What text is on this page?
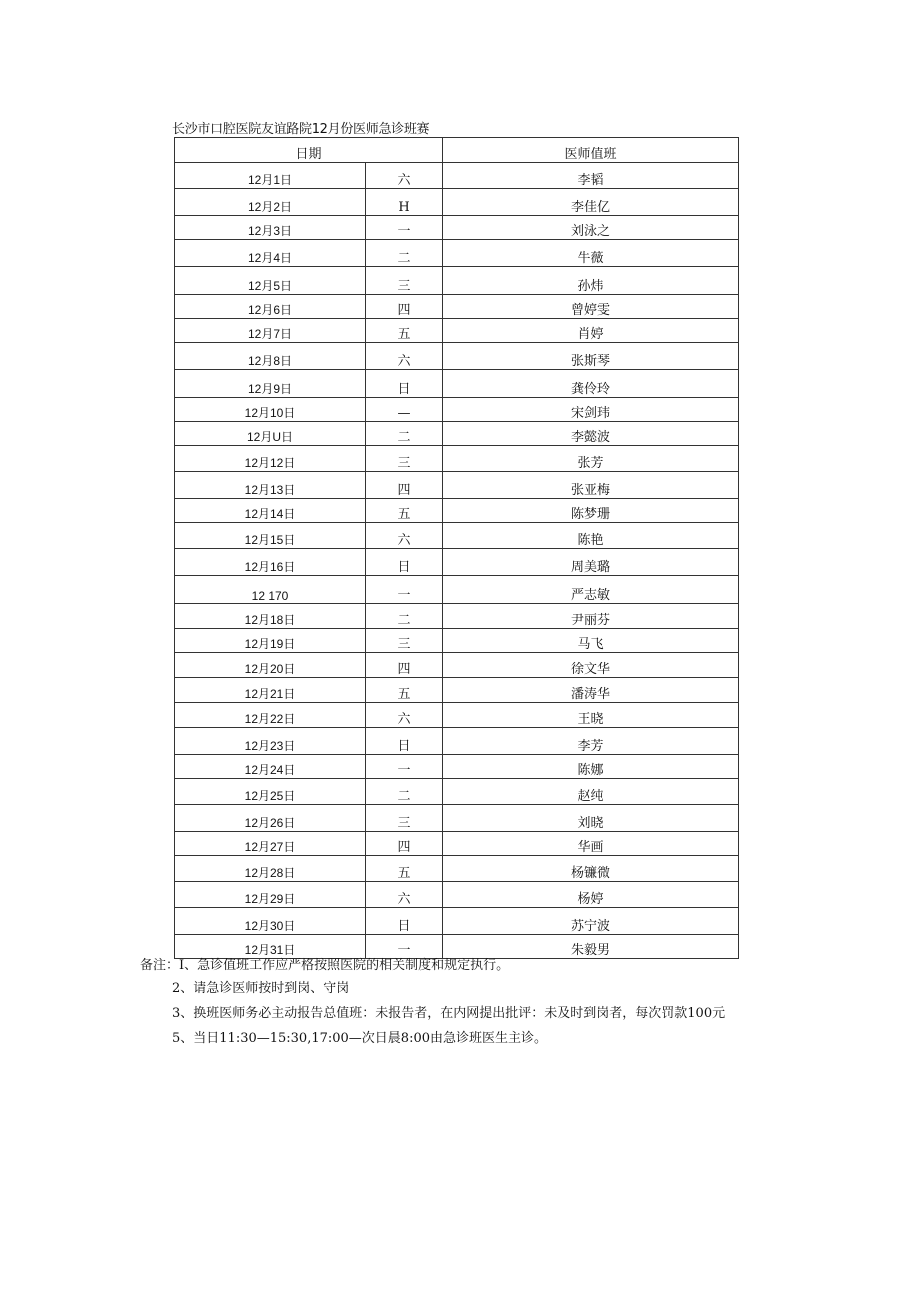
长沙市口腔医院友谊路院12月份医师急诊班赛
日期		医师值班
12月1日	六	李韬
12月2日	H	李佳亿
12月3日	一	刘泳之
12月4日	二	牛薇
12月5日	三	孙炜
12月6日	四	曾婷雯
12月7日	五	肖婷
12月8日	六	张斯琴
12月9日	日	龚伶玲
12月10日	—	宋剑玮
12月U日	二	李懿波
12月12日	三	张芳
12月13日	四	张亚梅
12月14日	五	陈梦珊
12月15日	六	陈艳
12月16日	日	周美璐
12 170	一	严志敏
12月18日	二	尹丽芬
12月19日	三	马飞
12月20日	四	徐文华
12月21日	五	潘涛华
12月22日	六	王晓
12月23日	日	李芳
12月24日	一	陈娜
12月25日	二	赵纯
12月26日	三	刘晓
12月27日	四	华画
12月28日	五	杨镰微
12月29日	六	杨婷
12月30日	日	苏宁波
12月31日	一	朱毅男

备注：I、急诊值班工作应严格按照医院的相关制度和规定执行。

2、请急诊医师按时到岗、守岗

3、换班医师务必主动报告总值班：未报告者，在内网提出批评：未及时到岗者，每次罚款100元

5、当日11:30—15:30,17:00—次日晨8:00由急诊班医生主诊。
